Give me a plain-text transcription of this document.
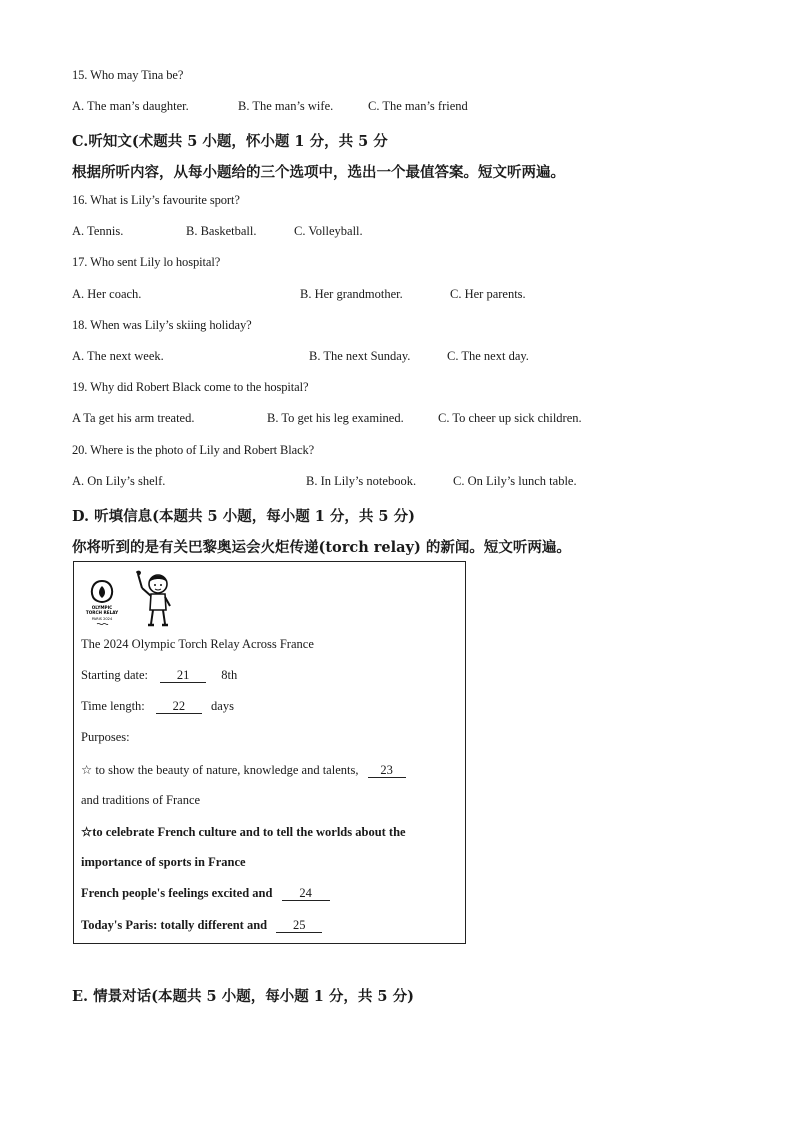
15. Who may Tina be?
A. The man’s daughter.	B. The man’s wife.	C. The man’s friend
C.听知文(术题共 5 小题，怀小题 1 分，共 5 分
根据所听内容，从每小题给的三个选项中，选出一个最值答案。短文听两遍。
16. What is Lily’s favourite sport?
A. Tennis.	B. Basketball.	C. Volleyball.
17. Who sent Lily lo hospital?
A. Her coach.	B. Her grandmother.	C. Her parents.
18. When was Lily’s skiing holiday?
A. The next week.	B. The next Sunday.	C. The next day.
19. Why did Robert Black come to the hospital?
A Ta get his arm treated.	B. To get his leg examined.	C. To cheer up sick children.
20. Where is the photo of Lily and Robert Black?
A. On Lily’s shelf.	B. In Lily’s notebook.	C. On Lily’s lunch table.
D. 听填信息(本题共 5 小题，每小题 1 分，共 5 分)
你将听到的是有关巴黎奥运会火炬传递(torch relay) 的新闻。短文听两遍。
OLYMPIC
TORCH RELAY
PARIS 2024
The 2024 Olympic Torch Relay Across France
Starting date: 21	8th
Time length: 22 days
Purposes:
☆ to show the beauty of nature, knowledge and talents, 23
and traditions of France
☆to celebrate French culture and to tell the worlds about the
importance of sports in France
French people's feelings excited and 24
Today's Paris: totally different and 25
E. 情景对话(本题共 5 小题，每小题 1 分，共 5 分)
